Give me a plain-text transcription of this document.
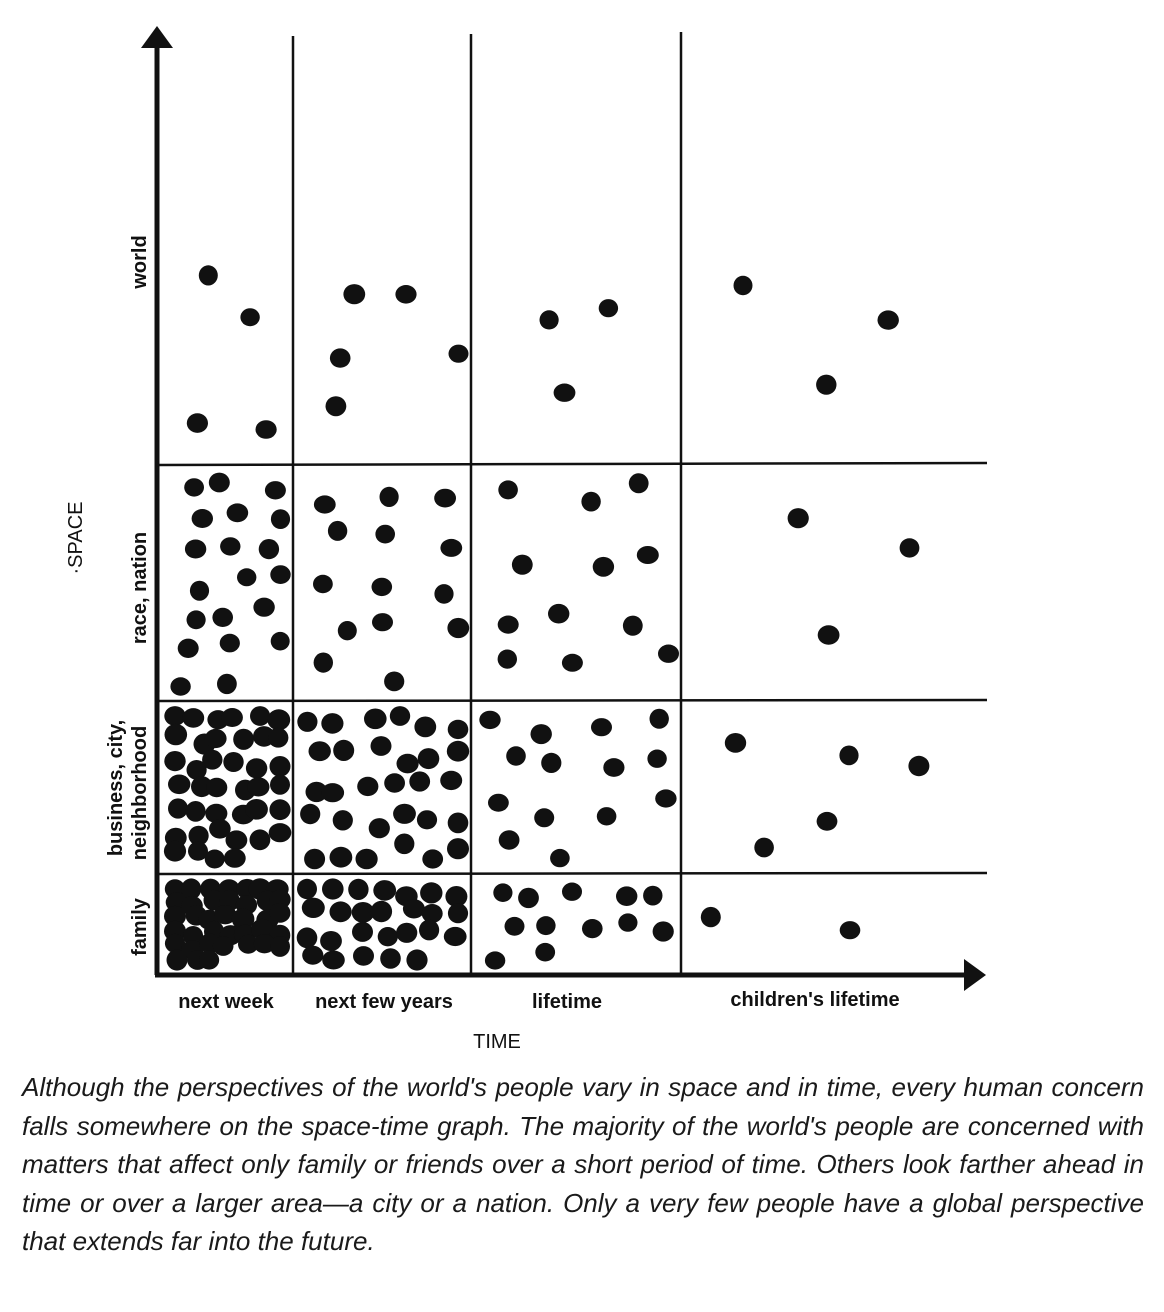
next week next few years	lifetime	children's lifetime
TIME
family
neighborhood
business, city,
race, nation
world
·SPACE

Although the perspectives of the world's people vary in space and in time, every human concern falls somewhere on the space-time graph. The majority of the world's people are concerned with matters that affect only family or friends over a short period of time. Others look farther ahead in time or over a larger area—a city or a nation. Only a very few people have a global perspective that extends far into the future.
